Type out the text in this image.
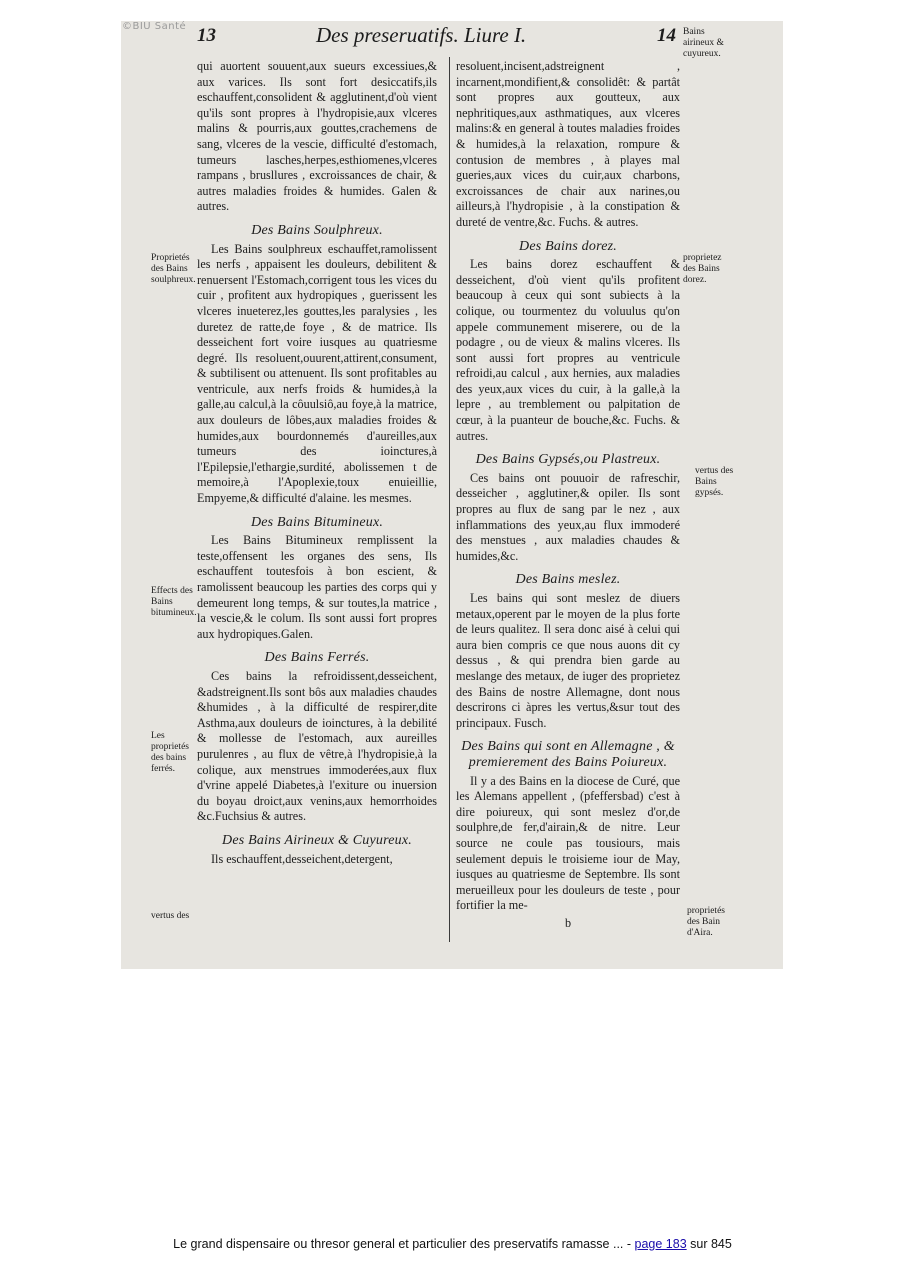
©BIU Santé 13	Des preseruatifs. Liure I.	14

qui auortent souuent,aux sueurs excessiues,& aux varices. Ils sont fort desiccatifs,ils eschauffent,consolident & agglutinent,d'où vient qu'ils sont propres à l'hydropisie,aux vlceres malins & pourris,aux gouttes,crachemens de sang, vlceres de la vescie, difficulté d'estomach, tumeurs lasches,herpes,esthiomenes,vlceres rampans , brusllures , excroissances de chair, & autres maladies froides & humides. Galen & autres.

Des Bains Soulphreux.

Les Bains soulphreux eschauffet,ramolissent les nerfs , appaisent les douleurs, debilitent & renuersent l'Estomach,corrigent tous les vices du cuir , profitent aux hydropiques , guerissent les vlceres inueterez,les gouttes,les paralysies , les duretez de ratte,de foye , & de matrice. Ils desseichent fort voire iusques au quatriesme degré. Ils resoluent,ouurent,attirent,consument, & subtilisent ou attenuent. Ils sont profitables au ventricule, aux nerfs froids & humides,à la galle,au calcul,à la côuulsiô,au foye,à la matrice, aux douleurs de lôbes,aux maladies froides & humides,aux bourdonnemés d'aureilles,aux tumeurs des ioinctures,à l'Epilepsie,l'ethargie,surdité, abolissemen t de memoire,à l'Apoplexie,toux enuieillie, Empyeme,& difficulté d'alaine. les mesmes.

Des Bains Bitumineux.

Les Bains Bitumineux remplissent la teste,offensent les organes des sens, Ils eschauffent toutesfois à bon escient, & ramolissent beaucoup les parties des corps qui y demeurent long temps, & sur toutes,la matrice , la vescie,& le colum. Ils sont aussi fort propres aux hydropiques.Galen.

Des Bains Ferrés.

Ces bains la refroidissent,desseichent, &adstreignent.Ils sont bôs aux maladies chaudes &humides , à la difficulté de respirer,dite Asthma,aux douleurs de ioinctures, à la debilité & mollesse de l'estomach, aux aureilles purulenres , au flux de vêtre,à l'hydropisie,à la colique, aux menstrues immoderées,aux flux d'vrine appelé Diabetes,à l'exiture ou inuersion du boyau droict,aux venins,aux hemorrhoides &c.Fuchsius & autres.

Des Bains Airineux & Cuyureux.

Ils eschauffent,desseichent,detergent,

resoluent,incisent,adstreignent , incarnent,mondifient,& consolidêt: & partât sont propres aux goutteux, aux nephritiques,aux asthmatiques, aux vlceres malins:& en general à toutes maladies froides & humides,à la relaxation, rompure & contusion de membres , à playes mal gueries,aux vices du cuir,aux charbons, excroissances de chair aux narines,ou ailleurs,à l'hydropisie , à la constipation & dureté de ventre,&c. Fuchs. & autres.

Des Bains dorez.

Les bains dorez eschauffent & desseichent, d'où vient qu'ils profitent beaucoup à ceux qui sont subiects à la colique, ou tourmentez du voluulus qu'on appele communement miserere, ou de la podagre , ou de vieux & malins vlceres. Ils sont aussi fort propres au ventricule refroidi,au calcul , aux hernies, aux maladies des yeux,aux vices du cuir, à la galle,à la lepre , au tremblement ou palpitation de cœur, à la puanteur de bouche,&c. Fuchs. & autres.

Des Bains Gypsés,ou Plastreux.

Ces bains ont pouuoir de rafreschir, desseicher , agglutiner,& opiler. Ils sont propres au flux de sang par le nez , aux inflammations des yeux,au flux immoderé des menstues , aux maladies chaudes & humides,&c.

Des Bains meslez.

Les bains qui sont meslez de diuers metaux,operent par le moyen de la plus forte de leurs qualitez. Il sera donc aisé à celui qui aura bien compris ce que nous auons dit cy dessus , & qui prendra bien garde au meslange des metaux, de iuger des proprietez des Bains de nostre Allemagne, dont nous descrirons ci àpres les vertus,&sur tout des principaux. Fusch.

Des Bains qui sont en Allemagne , & premierement des Bains Poiureux.

Il y a des Bains en la diocese de Curé, que les Alemans appellent , (pfeffersbad) c'est à dire poiureux, qui sont meslez d'or,de soulphre,de fer,d'airain,& de nitre. Leur source ne coule pas tousiours, mais seulement depuis le troisieme iour de May, iusques au quatriesme de Septembre. Ils sont merueilleux pour les douleurs de teste , pour fortifier la me-

b
Proprietés des Bains soulphreux.
Effects des Bains bitumineux.
Les proprietés des bains ferrés.
vertus des
Bains airineux & cuyureux.
proprietez des Bains dorez.
vertus des Bains gypsés.
proprietés des Bain d'Aira.
Le grand dispensaire ou thresor general et particulier des preservatifs ramasse ... - page 183 sur 845
